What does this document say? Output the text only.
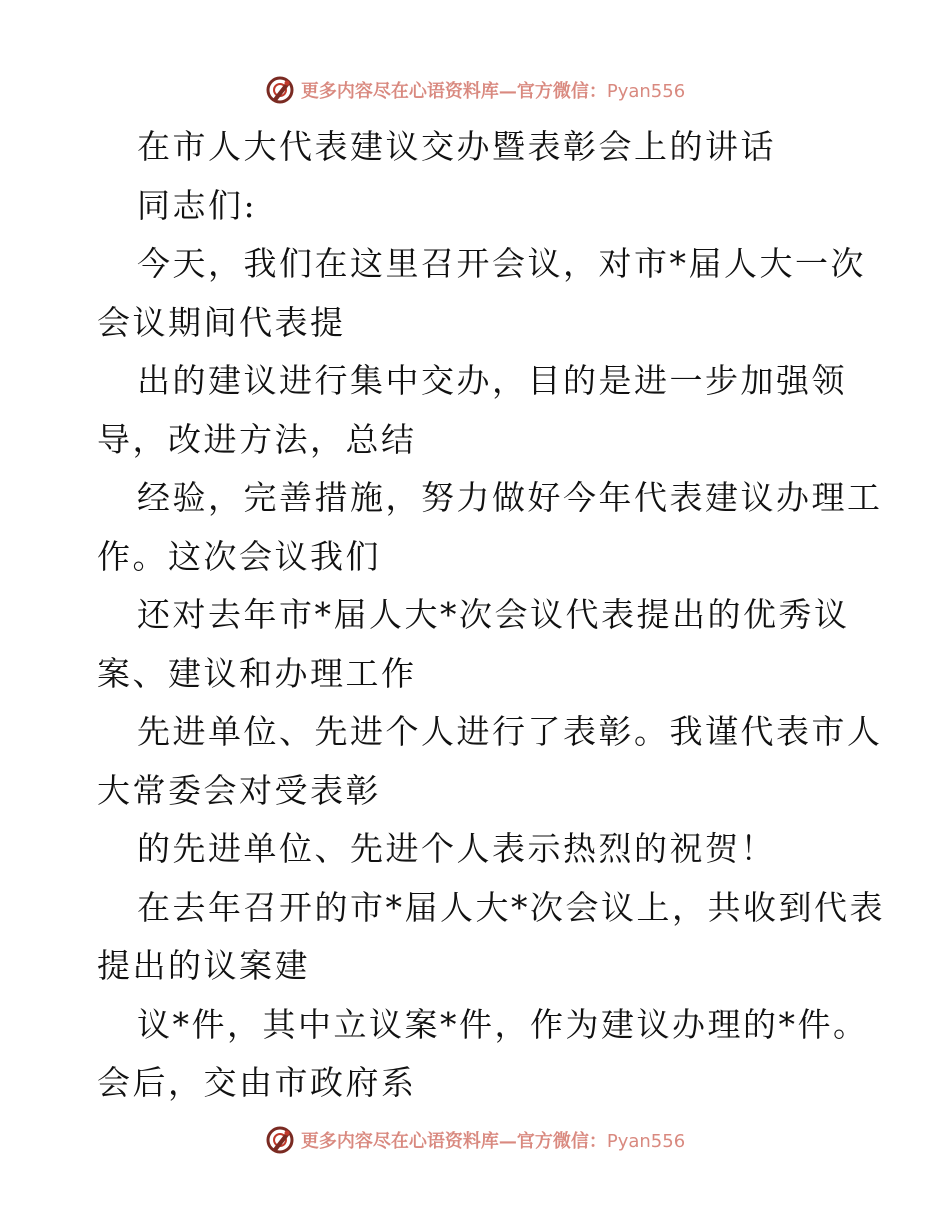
更多内容尽在心语资料库—官方微信：Pyan556
在市人大代表建议交办暨表彰会上的讲话
同志们:
今天，我们在这里召开会议，对市*届人大一次
会议期间代表提
出的建议进行集中交办，目的是进一步加强领
导，改进方法，总结
经验，完善措施，努力做好今年代表建议办理工
作。这次会议我们
还对去年市*届人大*次会议代表提出的优秀议
案、建议和办理工作
先进单位、先进个人进行了表彰。我谨代表市人
大常委会对受表彰
的先进单位、先进个人表示热烈的祝贺！
在去年召开的市*届人大*次会议上，共收到代表
提出的议案建
议*件，其中立议案*件，作为建议办理的*件。
会后，交由市政府系
更多内容尽在心语资料库—官方微信：Pyan556
